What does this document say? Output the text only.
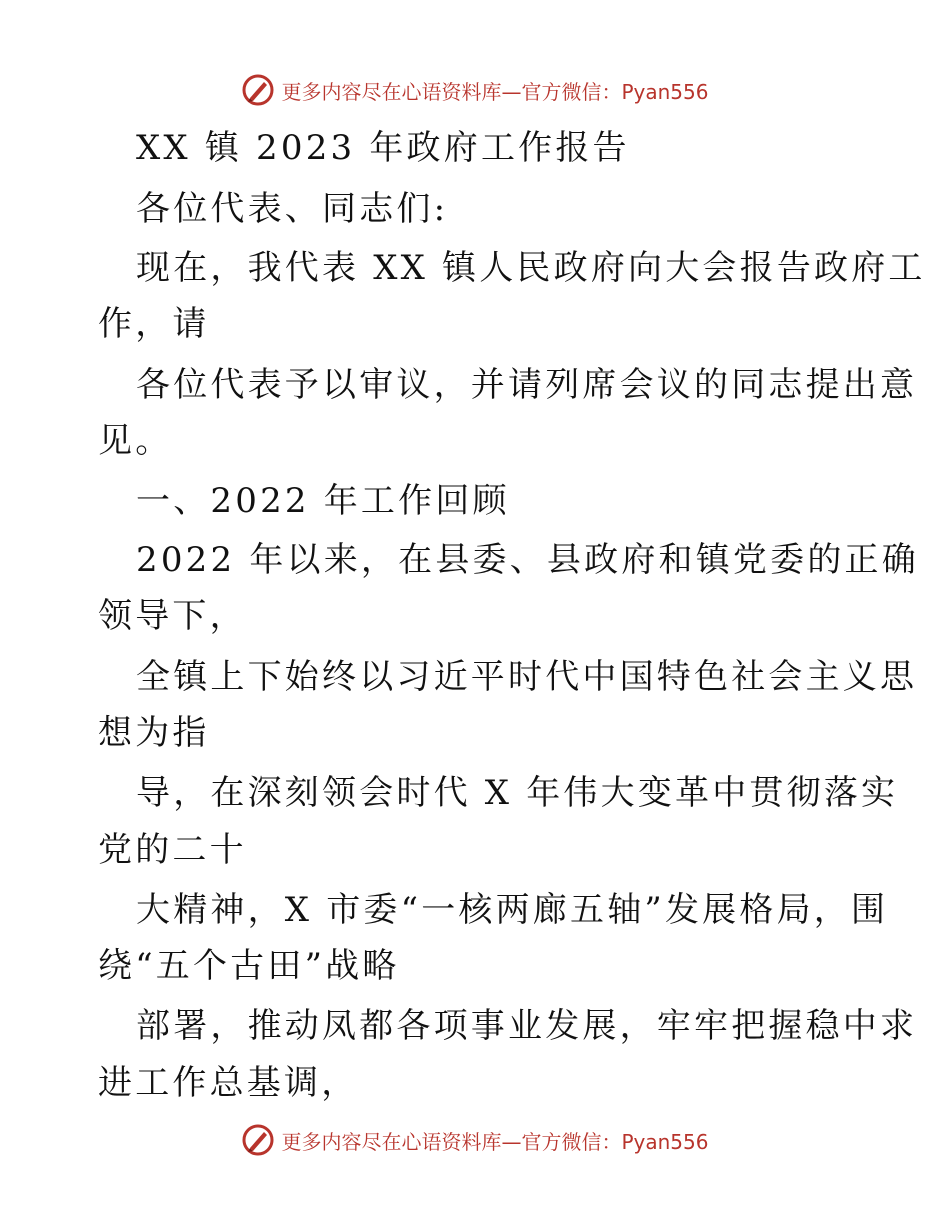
更多内容尽在心语资料库—官方微信：Pyan556
XX 镇 2023 年政府工作报告
各位代表、同志们:
现在，我代表 XX 镇人民政府向大会报告政府工
作，请
各位代表予以审议，并请列席会议的同志提出意
见。
一、2022 年工作回顾
2022 年以来，在县委、县政府和镇党委的正确
领导下，
全镇上下始终以习近平时代中国特色社会主义思
想为指
导，在深刻领会时代 X 年伟大变革中贯彻落实
党的二十
大精神，X 市委“一核两廊五轴”发展格局，围
绕“五个古田”战略
部署，推动凤都各项事业发展，牢牢把握稳中求
进工作总基调，
更多内容尽在心语资料库—官方微信：Pyan556
